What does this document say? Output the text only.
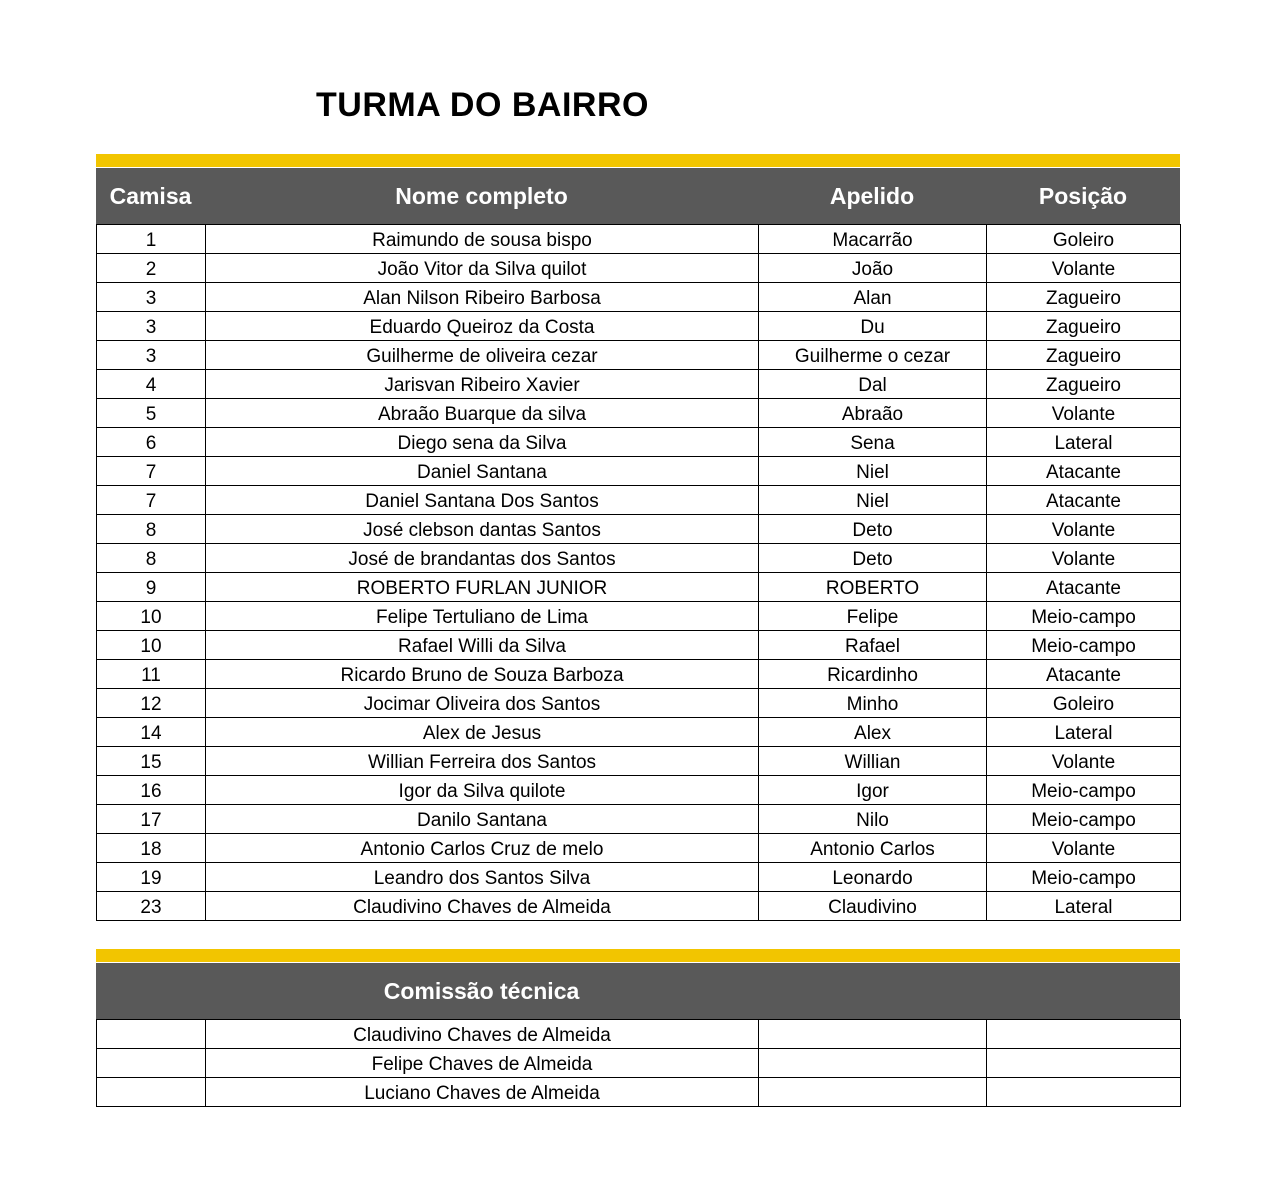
TURMA DO BAIRRO
Camisa	Nome completo	Apelido	Posição
1	Raimundo de sousa bispo	Macarrão	Goleiro
2	João Vitor da Silva quilot	João	Volante
3	Alan Nilson Ribeiro Barbosa	Alan	Zagueiro
3	Eduardo Queiroz da Costa	Du	Zagueiro
3	Guilherme de oliveira cezar	Guilherme o cezar	Zagueiro
4	Jarisvan Ribeiro Xavier	Dal	Zagueiro
5	Abraão Buarque da silva	Abraão	Volante
6	Diego sena da Silva	Sena	Lateral
7	Daniel Santana	Niel	Atacante
7	Daniel Santana Dos Santos	Niel	Atacante
8	José clebson dantas Santos	Deto	Volante
8	José de brandantas dos Santos	Deto	Volante
9	ROBERTO FURLAN JUNIOR	ROBERTO	Atacante
10	Felipe Tertuliano de Lima	Felipe	Meio-campo
10	Rafael Willi da Silva	Rafael	Meio-campo
11	Ricardo Bruno de Souza Barboza	Ricardinho	Atacante
12	Jocimar Oliveira dos Santos	Minho	Goleiro
14	Alex de Jesus	Alex	Lateral
15	Willian Ferreira dos Santos	Willian	Volante
16	Igor da Silva quilote	Igor	Meio-campo
17	Danilo Santana	Nilo	Meio-campo
18	Antonio Carlos Cruz de melo	Antonio Carlos	Volante
19	Leandro dos Santos Silva	Leonardo	Meio-campo
23	Claudivino Chaves de Almeida	Claudivino	Lateral
Comissão técnica
	Claudivino Chaves de Almeida		
	Felipe Chaves de Almeida		
	Luciano Chaves de Almeida		
